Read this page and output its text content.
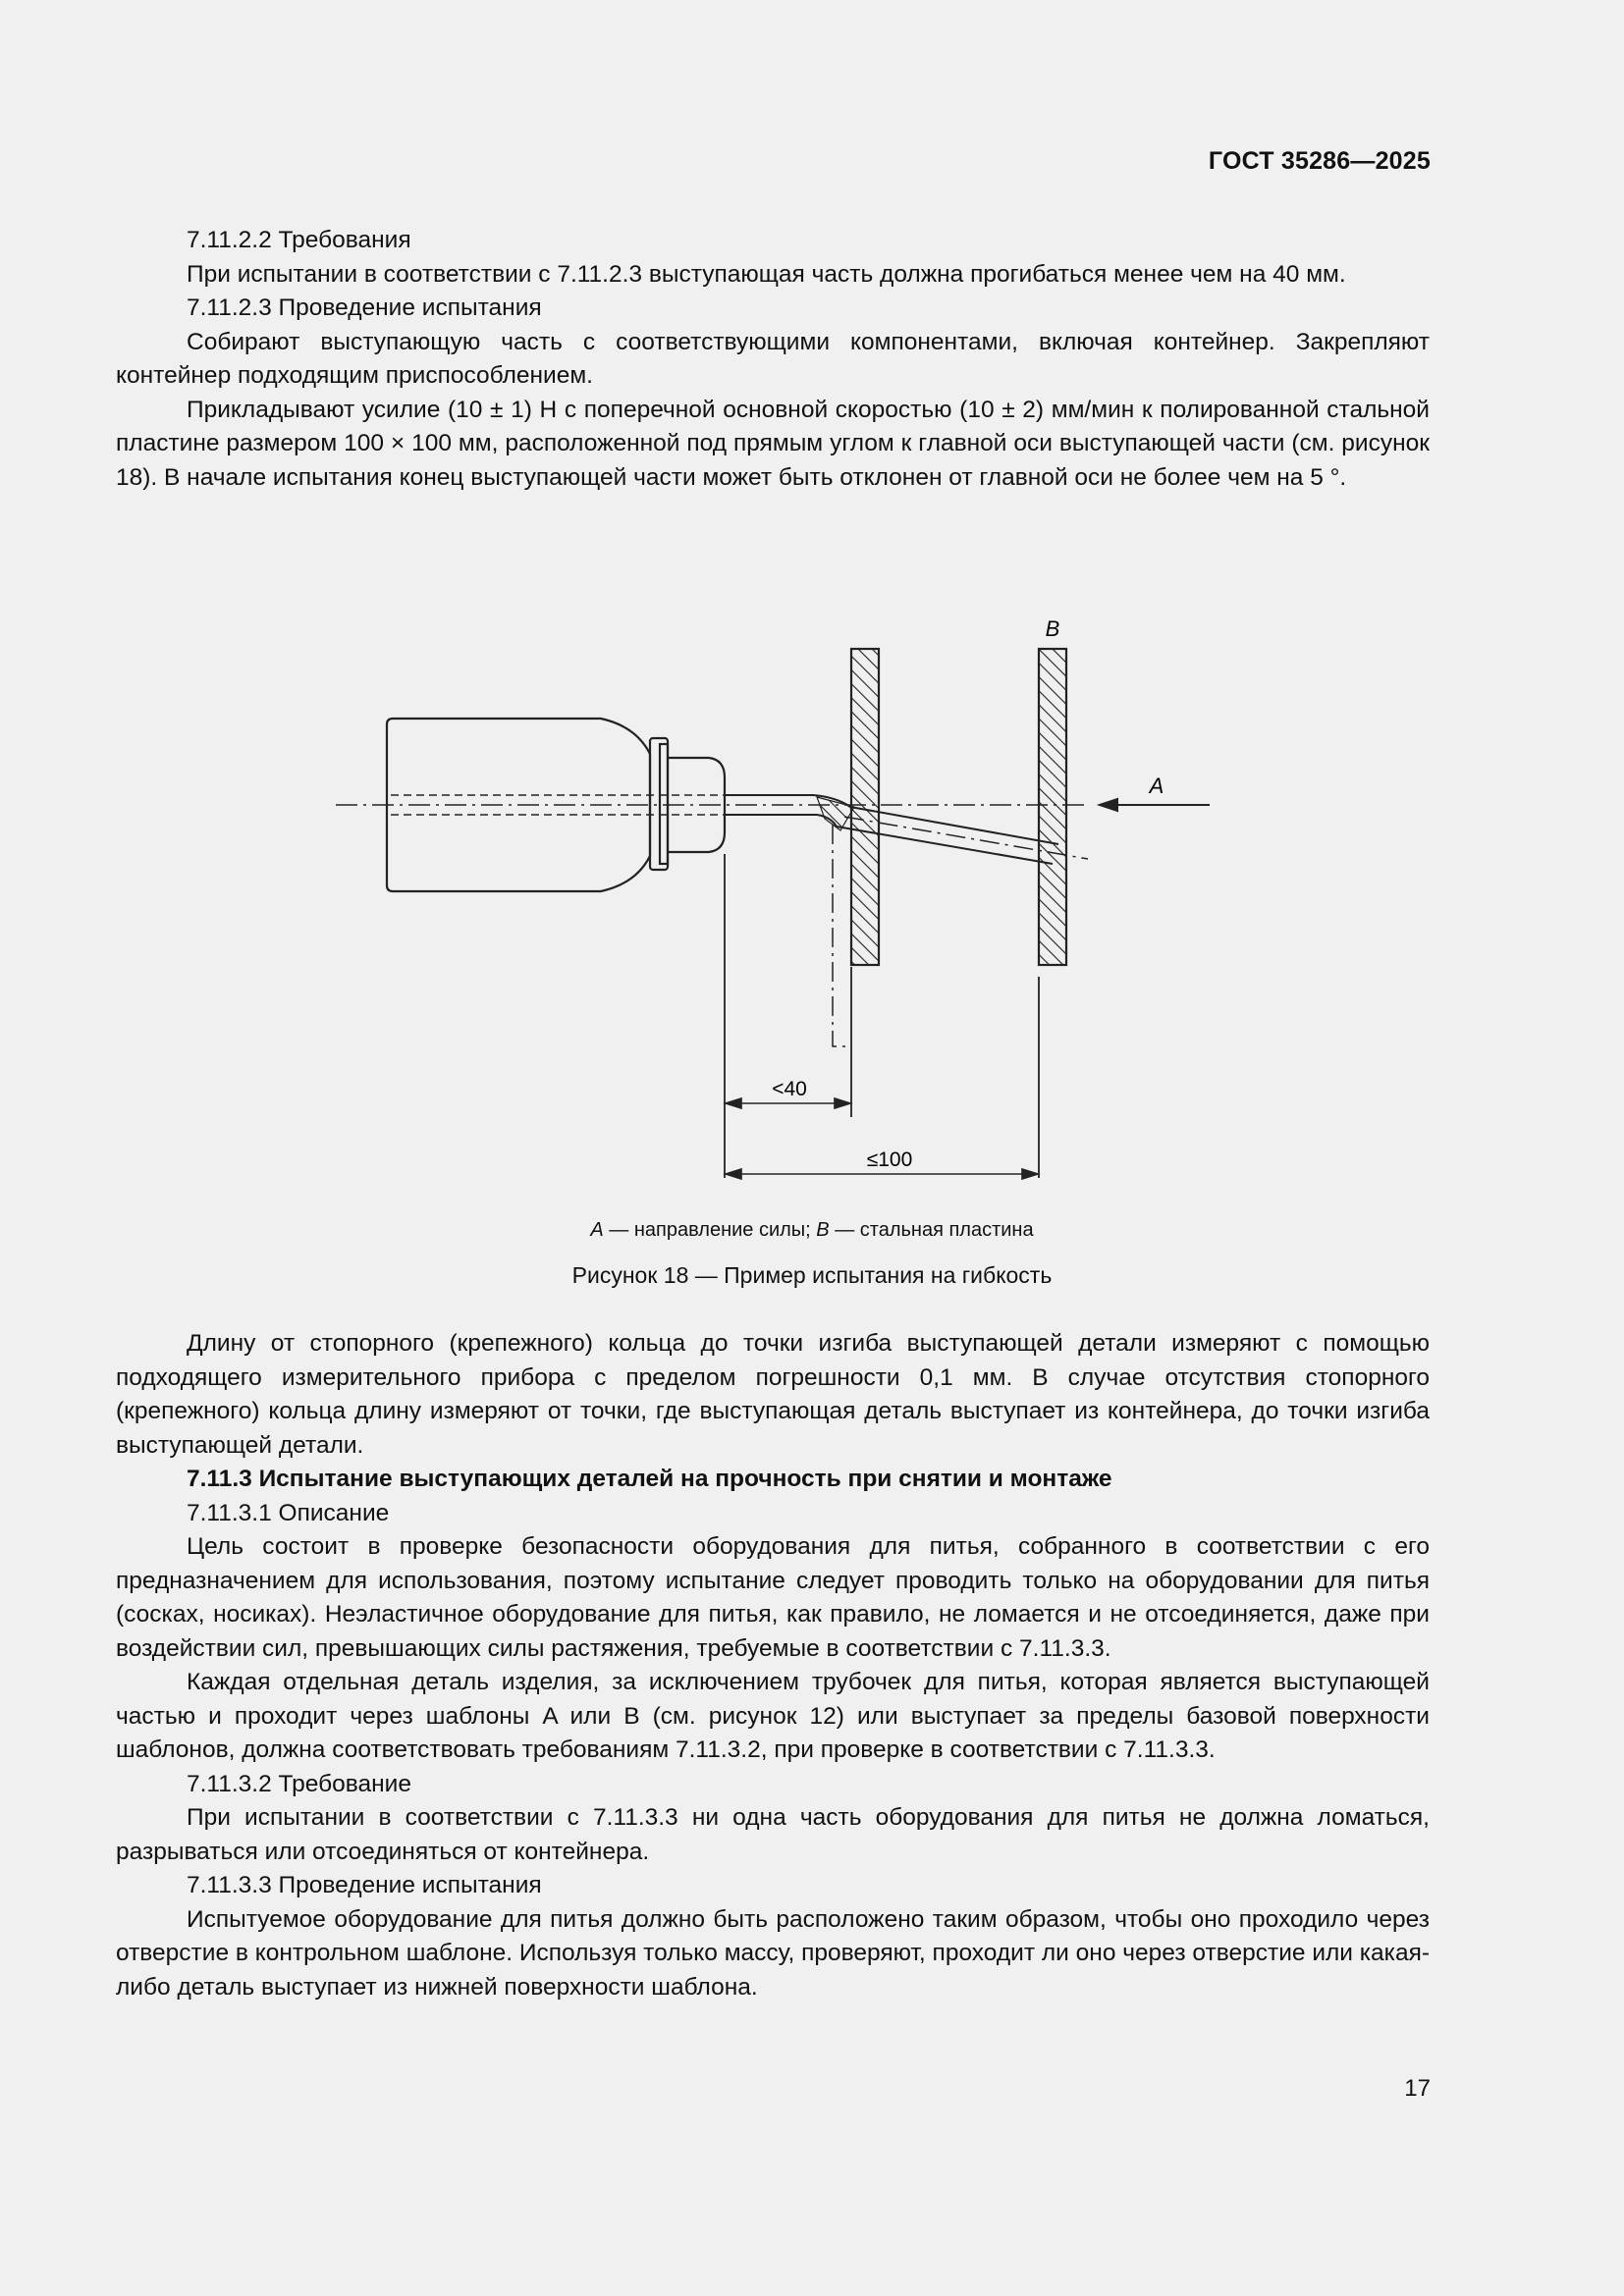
ГОСТ 35286—2025

7.11.2.2 Требования

При испытании в соответствии с 7.11.2.3 выступающая часть должна прогибаться менее чем на 40 мм.

7.11.2.3 Проведение испытания

Собирают выступающую часть с соответствующими компонентами, включая контейнер. Закрепляют контейнер подходящим приспособлением.

Прикладывают усилие (10 ± 1) Н с поперечной основной скоростью (10 ± 2) мм/мин к полированной стальной пластине размером 100 × 100 мм, расположенной под прямым углом к главной оси выступающей части (см. рисунок 18). В начале испытания конец выступающей части может быть отклонен от главной оси не более чем на 5 °.

B
A
<40
≤100
A — направление силы; B — стальная пластина
Рисунок 18 — Пример испытания на гибкость

Длину от стопорного (крепежного) кольца до точки изгиба выступающей детали измеряют с помощью подходящего измерительного прибора с пределом погрешности 0,1 мм. В случае отсутствия стопорного (крепежного) кольца длину измеряют от точки, где выступающая деталь выступает из контейнера, до точки изгиба выступающей детали.

7.11.3 Испытание выступающих деталей на прочность при снятии и монтаже

7.11.3.1 Описание

Цель состоит в проверке безопасности оборудования для питья, собранного в соответствии с его предназначением для использования, поэтому испытание следует проводить только на оборудовании для питья (сосках, носиках). Неэластичное оборудование для питья, как правило, не ломается и не отсоединяется, даже при воздействии сил, превышающих силы растяжения, требуемые в соответствии с 7.11.3.3.

Каждая отдельная деталь изделия, за исключением трубочек для питья, которая является выступающей частью и проходит через шаблоны A или B (см. рисунок 12) или выступает за пределы базовой поверхности шаблонов, должна соответствовать требованиям 7.11.3.2, при проверке в соответствии с 7.11.3.3.

7.11.3.2 Требование

При испытании в соответствии с 7.11.3.3 ни одна часть оборудования для питья не должна ломаться, разрываться или отсоединяться от контейнера.

7.11.3.3 Проведение испытания

Испытуемое оборудование для питья должно быть расположено таким образом, чтобы оно проходило через отверстие в контрольном шаблоне. Используя только массу, проверяют, проходит ли оно через отверстие или какая-либо деталь выступает из нижней поверхности шаблона.

17
